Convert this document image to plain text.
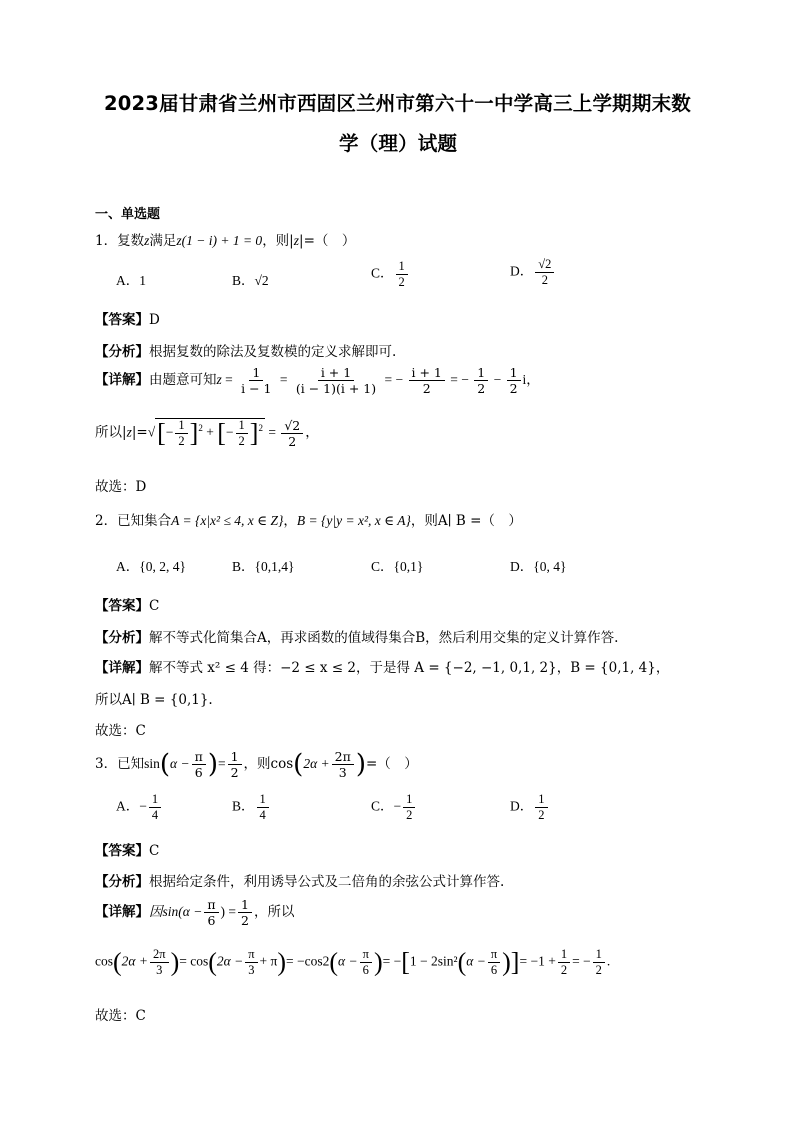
2023届甘肃省兰州市西固区兰州市第六十一中学高三上学期期末数
学（理）试题
一、单选题
1．复数z满足z(1 − i) + 1 = 0，则|z|=（　）
A．1	B．√2	C． $\frac{1}{2}$	D． $\frac{√2}{2}$
【答案】D
【分析】根据复数的除法及复数模的定义求解即可.
【详解】由题意可知$z = \frac{1}{i - 1} = \frac{i + 1}{(i - 1)(i + 1)}$ = − $\frac{i + 1}{2}$ = − $\frac{1}{2} - \frac{1}{2}$ i，
所以$|z|=√[- \frac{1}{2} ]^2$ + [− $\frac{1}{2} ]^2 = \frac{√2}{2}$ ，
故选：D
2．已知集合A = {x|x² ≤ 4, x ∈ Z}，B = {y|y = x², x ∈ A}，则A∣ B =（　）
A．{0, 2, 4}	B．{0,1,4}	C．{0,1}	D．{0, 4}
【答案】C
【分析】解不等式化简集合A，再求函数的值域得集合B，然后利用交集的定义计算作答.
【详解】解不等式 x² ≤ 4 得：−2 ≤ x ≤ 2，于是得 A = {−2, −1, 0,1, 2}，B = {0,1, 4}，
所以A∣ B = {0,1}.
故选：C
3．已知$\sin(\alpha - \frac{\pi}{6}$ )= $\frac{1}{2}$ ，则$\cos(2\alpha + \frac{2\pi}{3}$ )=（　）
A．− $\frac{1}{4}$	B． $\frac{1}{4}$	C．− $\frac{1}{2}$	D． $\frac{1}{2}$
【答案】C
【分析】根据给定条件，利用诱导公式及二倍角的余弦公式计算作答.
【详解】因$\sin(\alpha - \frac{\pi}{6}$ ) = $\frac{1}{2}$ ，所以
$\cos(2\alpha + \frac{2\pi}{3}$ )= $\cos(2\alpha - \frac{\pi}{3} + \pi)= -\cos 2(\alpha - \frac{\pi}{6}$ )= $-[1 - 2\sin^2(\alpha - \frac{\pi}{6}$ )]= $-1 + \frac{1}{2}$ = − $\frac{1}{2}$ .
故选：C
